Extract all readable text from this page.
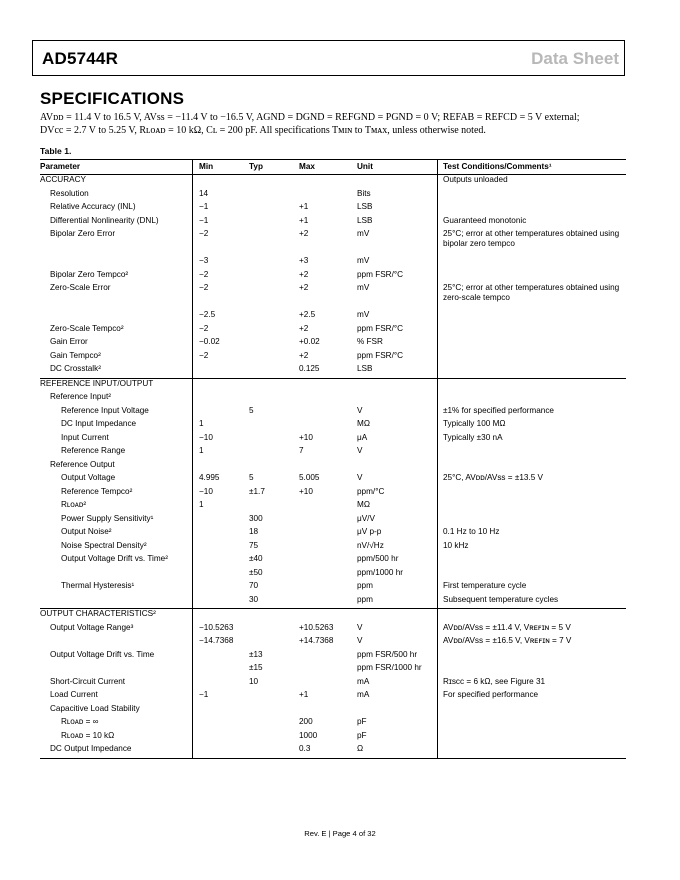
AD5744R	Data Sheet
SPECIFICATIONS
AVᴅᴅ = 11.4 V to 16.5 V, AVss = −11.4 V to −16.5 V, AGND = DGND = REFGND = PGND = 0 V; REFAB = REFCD = 5 V external;
DVcc = 2.7 V to 5.25 V, Rʟᴏᴀᴅ = 10 kΩ, Cʟ = 200 pF. All specifications Tᴍɪɴ to Tᴍᴀx, unless otherwise noted.
Table 1.
Parameter	Min	Typ	Max	Unit	Test Conditions/Comments¹
ACCURACY					Outputs unloaded
Resolution	14			Bits	
Relative Accuracy (INL)	−1		+1	LSB	
Differential Nonlinearity (DNL)	−1		+1	LSB	Guaranteed monotonic
Bipolar Zero Error	−2		+2	mV	25°C; error at other temperatures obtained using bipolar zero tempco
	−3		+3	mV	
Bipolar Zero Tempco²	−2		+2	ppm FSR/°C	
Zero-Scale Error	−2		+2	mV	25°C; error at other temperatures obtained using zero-scale tempco
	−2.5		+2.5	mV	
Zero-Scale Tempco²	−2		+2	ppm FSR/°C	
Gain Error	−0.02		+0.02	% FSR	
Gain Tempco²	−2		+2	ppm FSR/°C	
DC Crosstalk²			0.125	LSB	
REFERENCE INPUT/OUTPUT					
Reference Input²					
Reference Input Voltage		5		V	±1% for specified performance
DC Input Impedance	1			MΩ	Typically 100 MΩ
Input Current	−10		+10	μA	Typically ±30 nA
Reference Range	1		7	V	
Reference Output					
Output Voltage	4.995	5	5.005	V	25°C, AVᴅᴅ/AVss = ±13.5 V
Reference Tempco²	−10	±1.7	+10	ppm/°C	
Rʟᴏᴀᴅ²	1			MΩ	
Power Supply Sensitivity¹		300		μV/V	
Output Noise²		18		μV p-p	0.1 Hz to 10 Hz
Noise Spectral Density²		75		nV/√Hz	10 kHz
Output Voltage Drift vs. Time²		±40		ppm/500 hr	
		±50		ppm/1000 hr	
Thermal Hysteresis¹		70		ppm	First temperature cycle
		30		ppm	Subsequent temperature cycles
OUTPUT CHARACTERISTICS²					
Output Voltage Range³	−10.5263		+10.5263	V	AVᴅᴅ/AVss = ±11.4 V, Vʀᴇꜰɪɴ = 5 V
	−14.7368		+14.7368	V	AVᴅᴅ/AVss = ±16.5 V, Vʀᴇꜰɪɴ = 7 V
Output Voltage Drift vs. Time		±13		ppm FSR/500 hr	
		±15		ppm FSR/1000 hr	
Short-Circuit Current		10		mA	Rɪsᴄᴄ = 6 kΩ, see Figure 31
Load Current	−1		+1	mA	For specified performance
Capacitive Load Stability					
Rʟᴏᴀᴅ = ∞			200	pF	
Rʟᴏᴀᴅ = 10 kΩ			1000	pF	
DC Output Impedance			0.3	Ω	
Rev. E | Page 4 of 32
